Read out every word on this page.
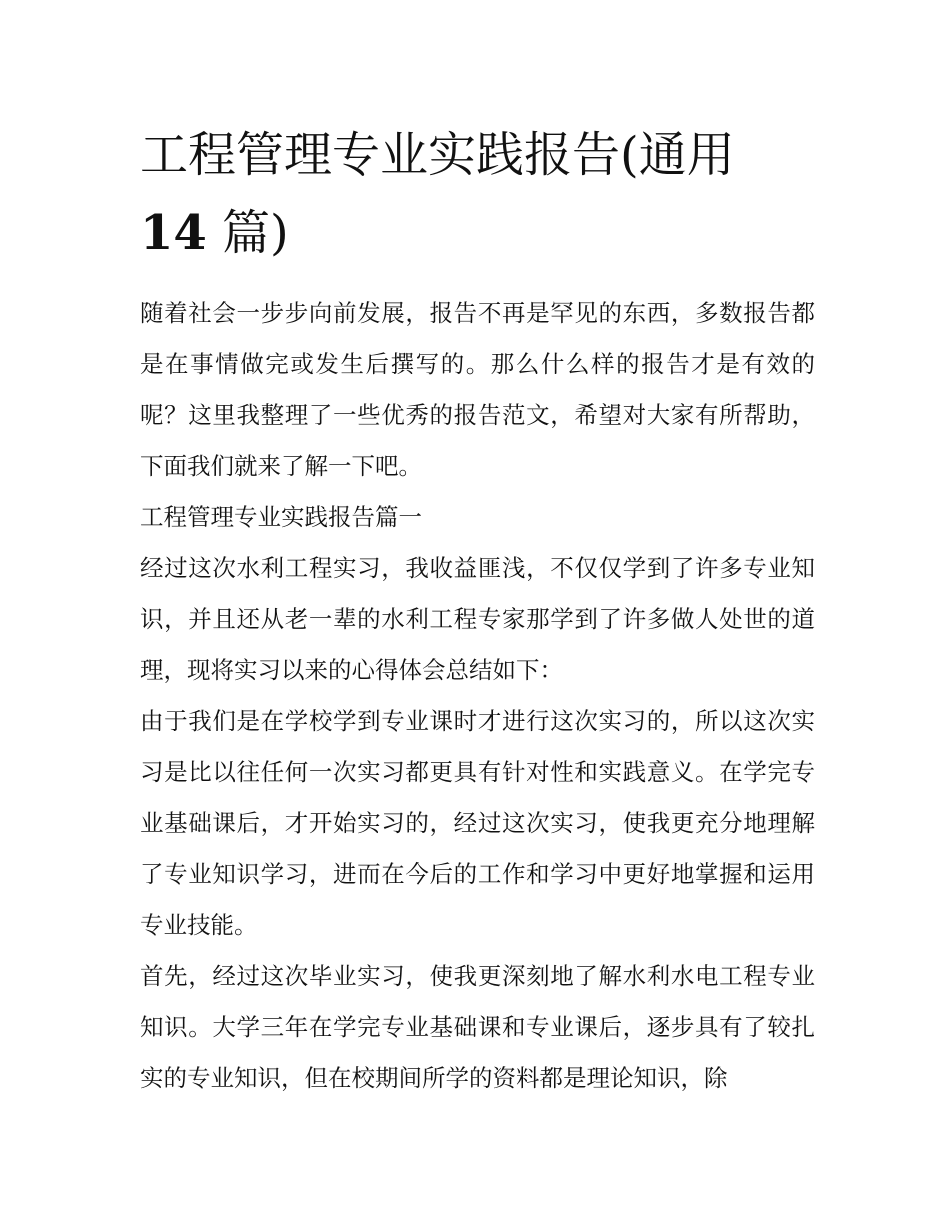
工程管理专业实践报告(通用
14 篇)

随着社会一步步向前发展，报告不再是罕见的东西，多数报告都是在事情做完或发生后撰写的。那么什么样的报告才是有效的呢？这里我整理了一些优秀的报告范文，希望对大家有所帮助，下面我们就来了解一下吧。

工程管理专业实践报告篇一

经过这次水利工程实习，我收益匪浅，不仅仅学到了许多专业知识，并且还从老一辈的水利工程专家那学到了许多做人处世的道理，现将实习以来的心得体会总结如下：

由于我们是在学校学到专业课时才进行这次实习的，所以这次实习是比以往任何一次实习都更具有针对性和实践意义。在学完专业基础课后，才开始实习的，经过这次实习，使我更充分地理解了专业知识学习，进而在今后的工作和学习中更好地掌握和运用专业技能。

首先，经过这次毕业实习，使我更深刻地了解水利水电工程专业知识。大学三年在学完专业基础课和专业课后，逐步具有了较扎实的专业知识，但在校期间所学的资料都是理论知识，除
